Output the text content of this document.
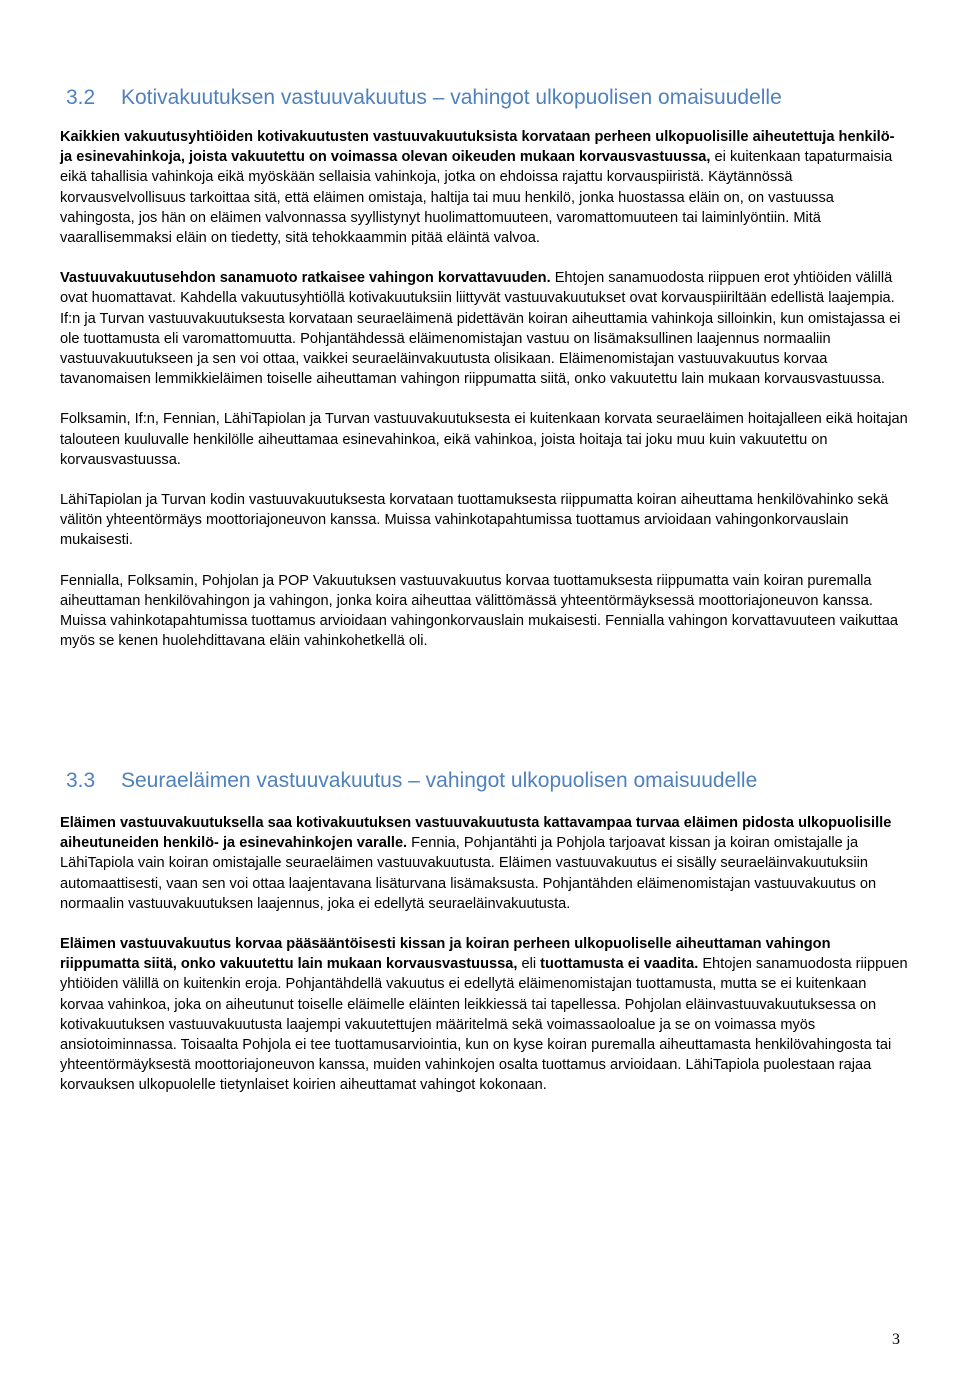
3.2 Kotivakuutuksen vastuuvakuutus – vahingot ulkopuolisen omaisuudelle

Kaikkien vakuutusyhtiöiden kotivakuutusten vastuuvakuutuksista korvataan perheen ulkopuolisille aiheutettuja henkilö- ja esinevahinkoja, joista vakuutettu on voimassa olevan oikeuden mukaan korvausvastuussa, ei kuitenkaan tapaturmaisia eikä tahallisia vahinkoja eikä myöskään sellaisia vahinkoja, jotka on ehdoissa rajattu korvauspiiristä. Käytännössä korvausvelvollisuus tarkoittaa sitä, että eläimen omistaja, haltija tai muu henkilö, jonka huostassa eläin on, on vastuussa vahingosta, jos hän on eläimen valvonnassa syyllistynyt huolimattomuuteen, varomattomuuteen tai laiminlyöntiin. Mitä vaarallisemmaksi eläin on tiedetty, sitä tehokkaammin pitää eläintä valvoa.

Vastuuvakuutusehdon sanamuoto ratkaisee vahingon korvattavuuden. Ehtojen sanamuodosta riippuen erot yhtiöiden välillä ovat huomattavat. Kahdella vakuutusyhtiöllä kotivakuutuksiin liittyvät vastuuvakuutukset ovat korvauspiiriltään edellistä laajempia. If:n ja Turvan vastuuvakuutuksesta korvataan seuraeläimenä pidettävän koiran aiheuttamia vahinkoja silloinkin, kun omistajassa ei ole tuottamusta eli varomattomuutta. Pohjantähdessä eläimenomistajan vastuu on lisämaksullinen laajennus normaaliin vastuuvakuutukseen ja sen voi ottaa, vaikkei seuraeläinvakuutusta olisikaan. Eläimenomistajan vastuuvakuutus korvaa tavanomaisen lemmikkieläimen toiselle aiheuttaman vahingon riippumatta siitä, onko vakuutettu lain mukaan korvausvastuussa.

Folksamin, If:n, Fennian, LähiTapiolan ja Turvan vastuuvakuutuksesta ei kuitenkaan korvata seuraeläimen hoitajalleen eikä hoitajan talouteen kuuluvalle henkilölle aiheuttamaa esinevahinkoa, eikä vahinkoa, joista hoitaja tai joku muu kuin vakuutettu on korvausvastuussa.

LähiTapiolan ja Turvan kodin vastuuvakuutuksesta korvataan tuottamuksesta riippumatta koiran aiheuttama henkilövahinko sekä välitön yhteentörmäys moottoriajoneuvon kanssa. Muissa vahinkotapahtumissa tuottamus arvioidaan vahingonkorvauslain mukaisesti.

Fennialla, Folksamin, Pohjolan ja POP Vakuutuksen vastuuvakuutus korvaa tuottamuksesta riippumatta vain koiran puremalla aiheuttaman henkilövahingon ja vahingon, jonka koira aiheuttaa välittömässä yhteentörmäyksessä moottoriajoneuvon kanssa. Muissa vahinkotapahtumissa tuottamus arvioidaan vahingonkorvauslain mukaisesti. Fennialla vahingon korvattavuuteen vaikuttaa myös se kenen huolehdittavana eläin vahinkohetkellä oli.

3.3 Seuraeläimen vastuuvakuutus – vahingot ulkopuolisen omaisuudelle

Eläimen vastuuvakuutuksella saa kotivakuutuksen vastuuvakuutusta kattavampaa turvaa eläimen pidosta ulkopuolisille aiheutuneiden henkilö- ja esinevahinkojen varalle. Fennia, Pohjantähti ja Pohjola tarjoavat kissan ja koiran omistajalle ja LähiTapiola vain koiran omistajalle seuraeläimen vastuuvakuutusta. Eläimen vastuuvakuutus ei sisälly seuraeläinvakuutuksiin automaattisesti, vaan sen voi ottaa laajentavana lisäturvana lisämaksusta. Pohjantähden eläimenomistajan vastuuvakuutus on normaalin vastuuvakuutuksen laajennus, joka ei edellytä seuraeläinvakuutusta.

Eläimen vastuuvakuutus korvaa pääsääntöisesti kissan ja koiran perheen ulkopuoliselle aiheuttaman vahingon riippumatta siitä, onko vakuutettu lain mukaan korvausvastuussa, eli tuottamusta ei vaadita. Ehtojen sanamuodosta riippuen yhtiöiden välillä on kuitenkin eroja. Pohjantähdellä vakuutus ei edellytä eläimenomistajan tuottamusta, mutta se ei kuitenkaan korvaa vahinkoa, joka on aiheutunut toiselle eläimelle eläinten leikkiessä tai tapellessa. Pohjolan eläinvastuuvakuutuksessa on kotivakuutuksen vastuuvakuutusta laajempi vakuutettujen määritelmä sekä voimassaoloalue ja se on voimassa myös ansiotoiminnassa. Toisaalta Pohjola ei tee tuottamusarviointia, kun on kyse koiran puremalla aiheuttamasta henkilövahingosta tai yhteentörmäyksestä moottoriajoneuvon kanssa, muiden vahinkojen osalta tuottamus arvioidaan. LähiTapiola puolestaan rajaa korvauksen ulkopuolelle tietynlaiset koirien aiheuttamat vahingot kokonaan.

3
